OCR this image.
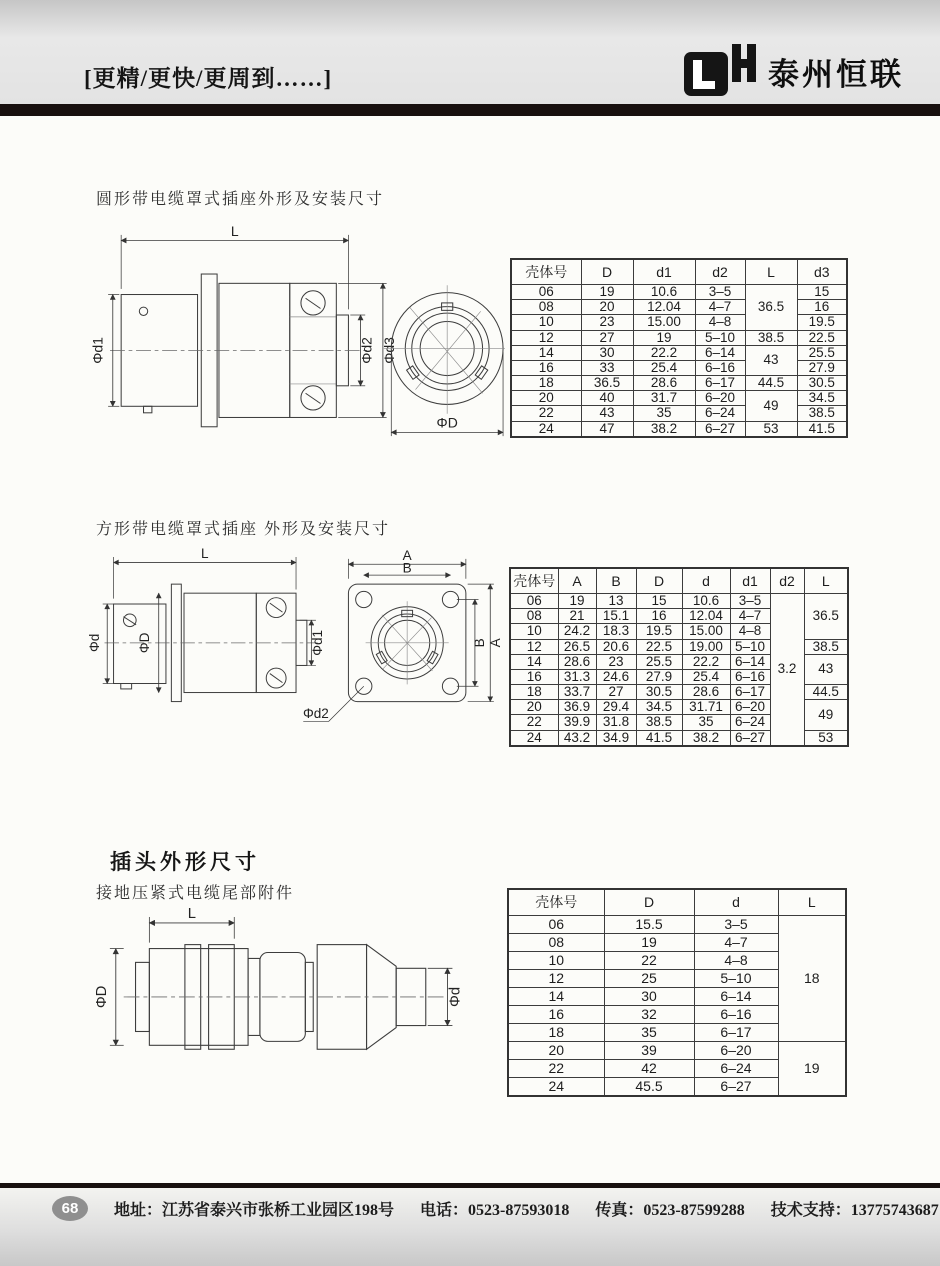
[更精/更快/更周到……]	泰州恒联
圆形带电缆罩式插座外形及安装尺寸
L
Φd1	Φd2 Φd3
ΦD
壳体号	D	d1	d2	L	d3
06	19	10.6	3–5	36.5	15
08	20	12.04	4–7		16
10	23	15.00	4–8		19.5
12	27	19	5–10	38.5	22.5
14	30	22.2	6–14	43	25.5
16	33	25.4	6–16		27.9
18	36.5	28.6	6–17	44.5	30.5
20	40	31.7	6–20	49	34.5
22	43	35	6–24		38.5
24	47	38.2	6–27	53	41.5
方形带电缆罩式插座 外形及安装尺寸
L
Φd ΦD	Φd1
A
B
B A
Φd2
壳体号	A	B	D	d	d1	d2	L
06	19	13	15	10.6	3–5	3.2	36.5
08	21	15.1	16	12.04	4–7		
10	24.2	18.3	19.5	15.00	4–8		
12	26.5	20.6	22.5	19.00	5–10		38.5
14	28.6	23	25.5	22.2	6–14		43
16	31.3	24.6	27.9	25.4	6–16		
18	33.7	27	30.5	28.6	6–17		44.5
20	36.9	29.4	34.5	31.71	6–20		49
22	39.9	31.8	38.5	35	6–24		
24	43.2	34.9	41.5	38.2	6–27		53
插头外形尺寸
接地压紧式电缆尾部附件
L
ΦD	Φd
壳体号	D	d	L
06	15.5	3–5	18
08	19	4–7	
10	22	4–8	
12	25	5–10	
14	30	6–14	
16	32	6–16	
18	35	6–17	
20	39	6–20	19
22	42	6–24	
24	45.5	6–27	
68	地址：江苏省泰兴市张桥工业园区198号 电话：0523-87593018 传真：0523-87599288 技术支持：13775743687
